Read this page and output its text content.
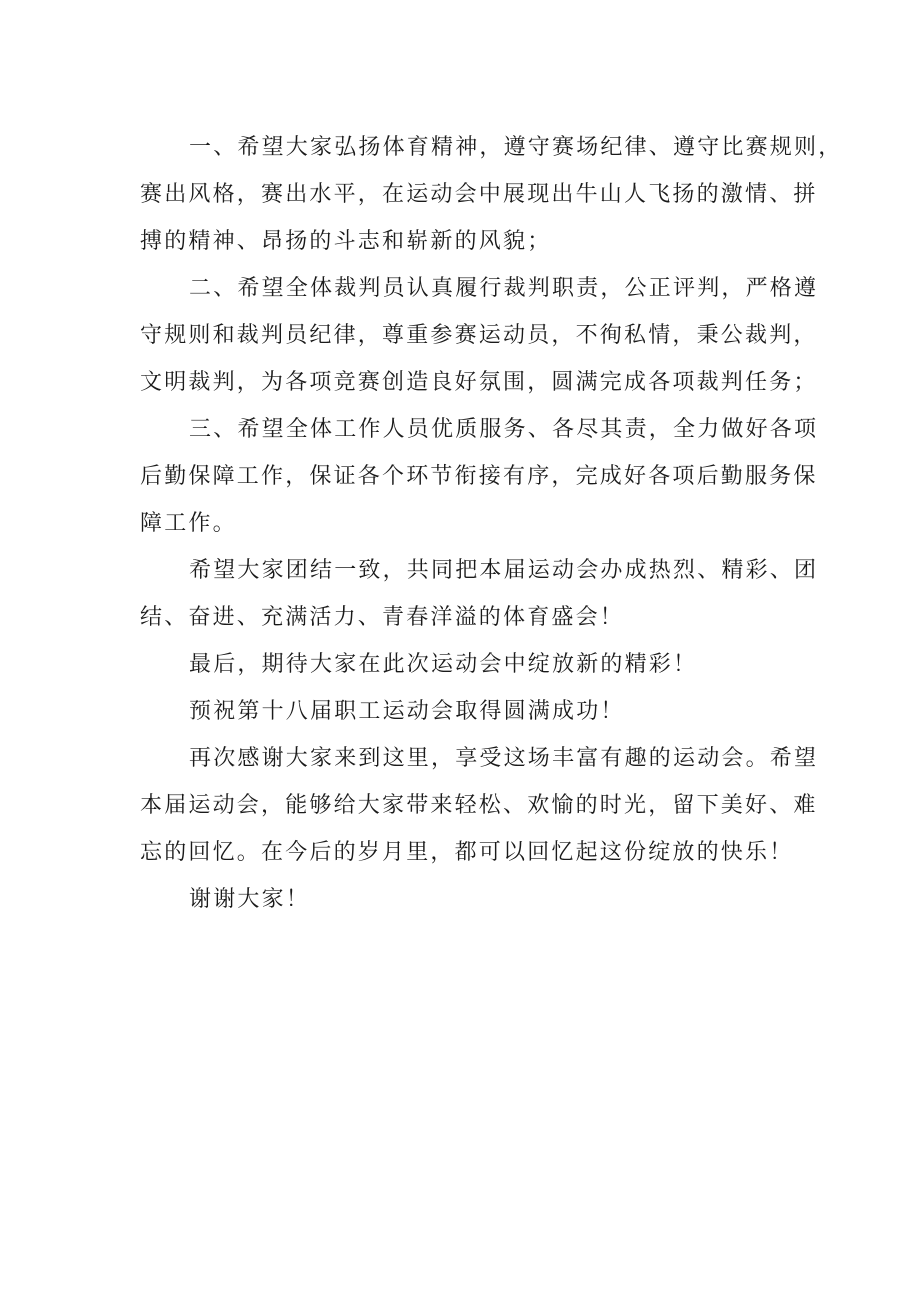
一、希望大家弘扬体育精神，遵守赛场纪律、遵守比赛规则，
赛出风格，赛出水平，在运动会中展现出牛山人飞扬的激情、拼
搏的精神、昂扬的斗志和崭新的风貌；
二、希望全体裁判员认真履行裁判职责，公正评判，严格遵
守规则和裁判员纪律，尊重参赛运动员，不徇私情，秉公裁判，
文明裁判，为各项竞赛创造良好氛围，圆满完成各项裁判任务；
三、希望全体工作人员优质服务、各尽其责，全力做好各项
后勤保障工作，保证各个环节衔接有序，完成好各项后勤服务保
障工作。
希望大家团结一致，共同把本届运动会办成热烈、精彩、团
结、奋进、充满活力、青春洋溢的体育盛会！
最后，期待大家在此次运动会中绽放新的精彩！
预祝第十八届职工运动会取得圆满成功！
再次感谢大家来到这里，享受这场丰富有趣的运动会。希望
本届运动会，能够给大家带来轻松、欢愉的时光，留下美好、难
忘的回忆。在今后的岁月里，都可以回忆起这份绽放的快乐！
谢谢大家！
